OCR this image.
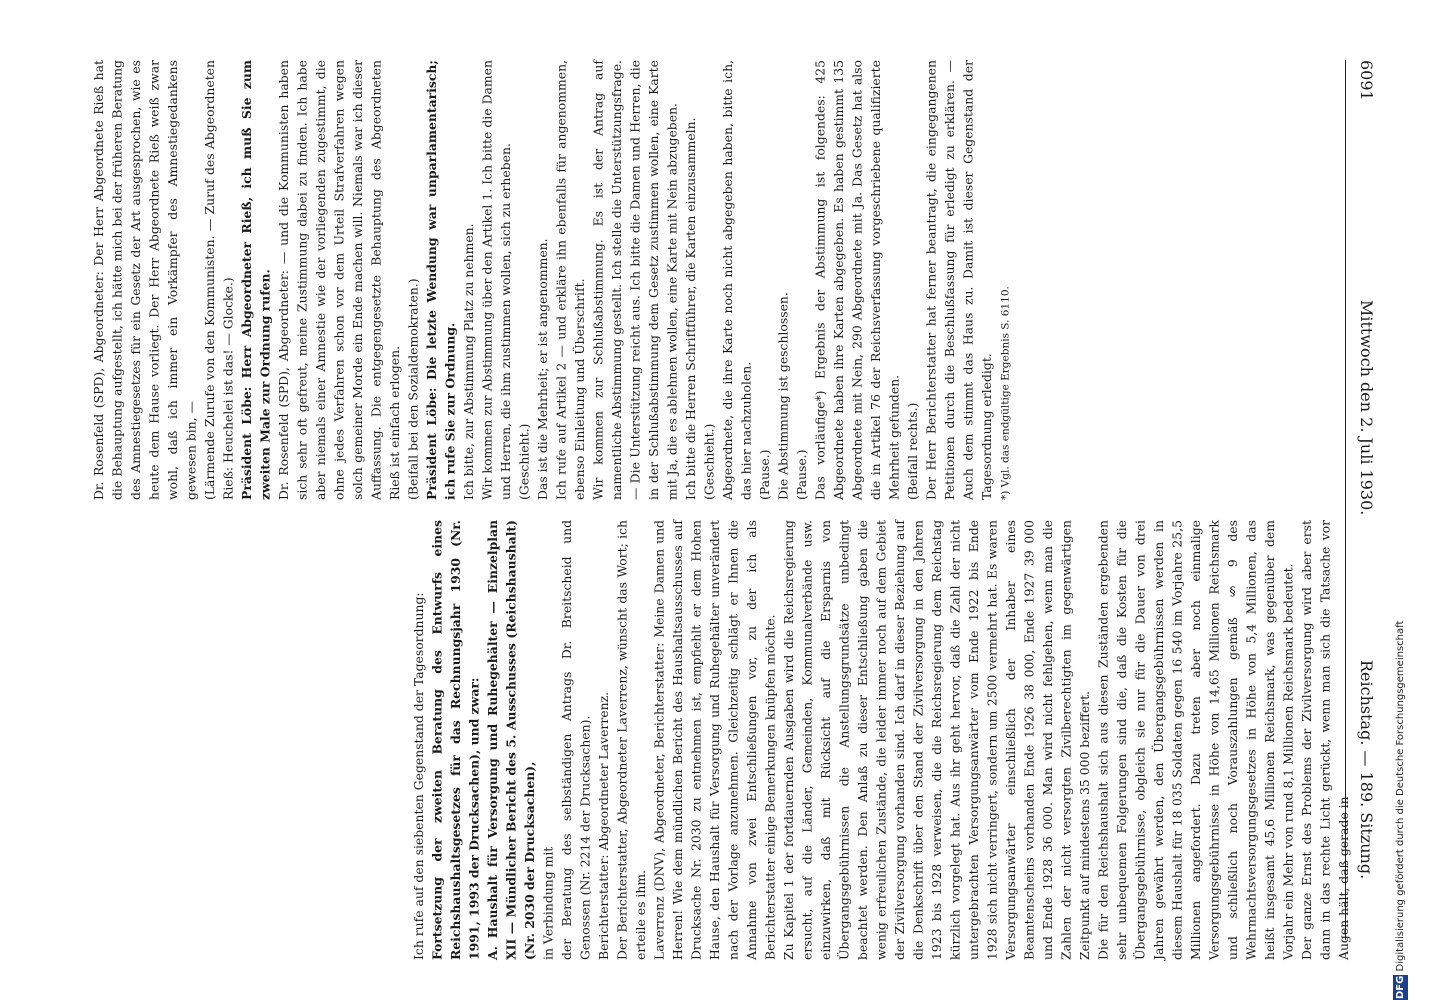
DFG Digitalisierung gefördert durch die Deutsche Forschungsgemeinschaft
6091
Mittwoch den 2. Juli 1930.
Reichstag. — 189. Sitzung.

Ich rufe auf den siebenten Gegenstand der Tagesordnung: Fortsetzung der zweiten Beratung des Entwurfs eines Reichshaushaltsgesetzes für das Rechnungsjahr 1930 (Nr. 1991, 1993 der Drucksachen), und zwar: A. Haushalt für Versorgung und Ruhegehälter — Einzelplan XII — Mündlicher Bericht des 5. Ausschusses (Reichshaushalt) (Nr. 2030 der Drucksachen), in Verbindung mit der Beratung des selbständigen Antrags Dr. Breitscheid und Genossen (Nr. 2214 der Drucksachen). Berichterstatter: Abgeordneter Laverrenz. Der Berichterstatter, Abgeordneter Laverrenz, wünscht das Wort; ich erteile es ihm. Laverrenz (DNV), Abgeordneter, Berichterstatter: Meine Damen und Herren! Wie dem mündlichen Bericht des Haushaltsausschusses auf Drucksache Nr. 2030 zu entnehmen ist, empfiehlt er dem Hohen Hause, den Haushalt für Versorgung und Ruhegehälter unverändert nach der Vorlage anzunehmen. Gleichzeitig schlägt er Ihnen die Annahme von zwei Entschließungen vor, zu der ich als Berichterstatter einige Bemerkungen knüpfen möchte. Zu Kapitel 1 der fortdauernden Ausgaben wird die Reichsregierung ersucht, auf die Länder, Gemeinden, Kommunalverbände usw. einzuwirken, daß mit Rücksicht auf die Ersparnis von Übergangsgebührnissen die Anstellungsgrundsätze unbedingt beachtet werden. Den Anlaß zu dieser Entschließung gaben die wenig erfreulichen Zustände, die leider immer noch auf dem Gebiet der Zivilversorgung vorhanden sind. Ich darf in dieser Beziehung auf die Denkschrift über den Stand der Zivilversorgung in den Jahren 1923 bis 1928 verweisen, die die Reichsregierung dem Reichstag kürzlich vorgelegt hat. Aus ihr geht hervor, daß die Zahl der nicht untergebrachten Versorgungsanwärter vom Ende 1922 bis Ende 1928 sich nicht verringert, sondern um 2500 vermehrt hat. Es waren Versorgungsanwärter einschließlich der Inhaber eines Beamtenscheins vorhanden Ende 1926 38 000, Ende 1927 39 000 und Ende 1928 36 000. Man wird nicht fehlgehen, wenn man die Zahlen der nicht versorgten Zivilberechtigten im gegenwärtigen Zeitpunkt auf mindestens 35 000 beziffert. Die für den Reichshaushalt sich aus diesen Zuständen ergebenden sehr unbequemen Folgerungen sind die, daß die Kosten für die Übergangsgebührnisse, obgleich sie nur für die Dauer von drei Jahren gewährt werden, den Übergangsgebührnissen werden in diesem Haushalt für 18 035 Soldaten gegen 16 540 im Vorjahre 25,5 Millionen angefordert. Dazu treten aber noch einmalige Versorgungsgebührnisse in Höhe von 14,65 Millionen Reichsmark und schließlich noch Vorauszahlungen gemäß § 9 des Wehrmachtsversorgungsgesetzes in Höhe von 5,4 Millionen, das heißt insgesamt 45,6 Millionen Reichsmark, was gegenüber dem Vorjahr ein Mehr von rund 8,1 Millionen Reichsmark bedeutet. Der ganze Ernst des Problems der Zivilversorgung wird aber erst dann in das rechte Licht gerückt, wenn man sich die Tatsache vor Augen hält, daß gerade in

Dr. Rosenfeld (SPD), Abgeordneter: Der Herr Abgeordnete Rieß hat die Behauptung aufgestellt, ich hätte mich bei der früheren Beratung des Amnestiegesetzes für ein Gesetz der Art ausgesprochen, wie es heute dem Hause vorliegt. Der Herr Abgeordnete Rieß weiß zwar wohl, daß ich immer ein Vorkämpfer des Amnestiegedankens gewesen bin, — (Lärmende Zurufe von den Kommunisten. — Zuruf des Abgeordneten Rieß: Heuchelei ist das! — Glocke.) Präsident Löbe: Herr Abgeordneter Rieß, ich muß Sie zum zweiten Male zur Ordnung rufen. Dr. Rosenfeld (SPD), Abgeordneter: — und die Kommunisten haben sich sehr oft gefreut, meine Zustimmung dabei zu finden. Ich habe aber niemals einer Amnestie wie der vorliegenden zugestimmt, die ohne jedes Verfahren schon vor dem Urteil Strafverfahren wegen solch gemeiner Morde ein Ende machen will. Niemals war ich dieser Auffassung. Die entgegengesetzte Behauptung des Abgeordneten Rieß ist einfach erlogen. (Beifall bei den Sozialdemokraten.) Präsident Löbe: Die letzte Wendung war unparlamentarisch; ich rufe Sie zur Ordnung. Ich bitte, zur Abstimmung Platz zu nehmen. Wir kommen zur Abstimmung über den Artikel 1. Ich bitte die Damen und Herren, die ihm zustimmen wollen, sich zu erheben. (Geschieht.) Das ist die Mehrheit; er ist angenommen. Ich rufe auf Artikel 2 — und erkläre ihn ebenfalls für angenommen, ebenso Einleitung und Überschrift. Wir kommen zur Schlußabstimmung. Es ist der Antrag auf namentliche Abstimmung gestellt. Ich stelle die Unterstützungsfrage. — Die Unterstützung reicht aus. Ich bitte die Damen und Herren, die in der Schlußabstimmung dem Gesetz zustimmen wollen, eine Karte mit Ja, die es ablehnen wollen, eine Karte mit Nein abzugeben. Ich bitte die Herren Schriftführer, die Karten einzusammeln. (Geschieht.) Abgeordnete, die ihre Karte noch nicht abgegeben haben, bitte ich, das hier nachzuholen. (Pause.) Die Abstimmung ist geschlossen. (Pause.) Das vorläufige*) Ergebnis der Abstimmung ist folgendes: 425 Abgeordnete haben ihre Karten abgegeben. Es haben gestimmt 135 Abgeordnete mit Nein, 290 Abgeordnete mit Ja. Das Gesetz hat also die in Artikel 76 der Reichsverfassung vorgeschriebene qualifizierte Mehrheit gefunden. (Beifall rechts.) Der Herr Berichterstatter hat ferner beantragt, die eingegangenen Petitionen durch die Beschlußfassung für erledigt zu erklären. — Auch dem stimmt das Haus zu. Damit ist dieser Gegenstand der Tagesordnung erledigt. *) Vgl. das endgültige Ergebnis S. 6110.
